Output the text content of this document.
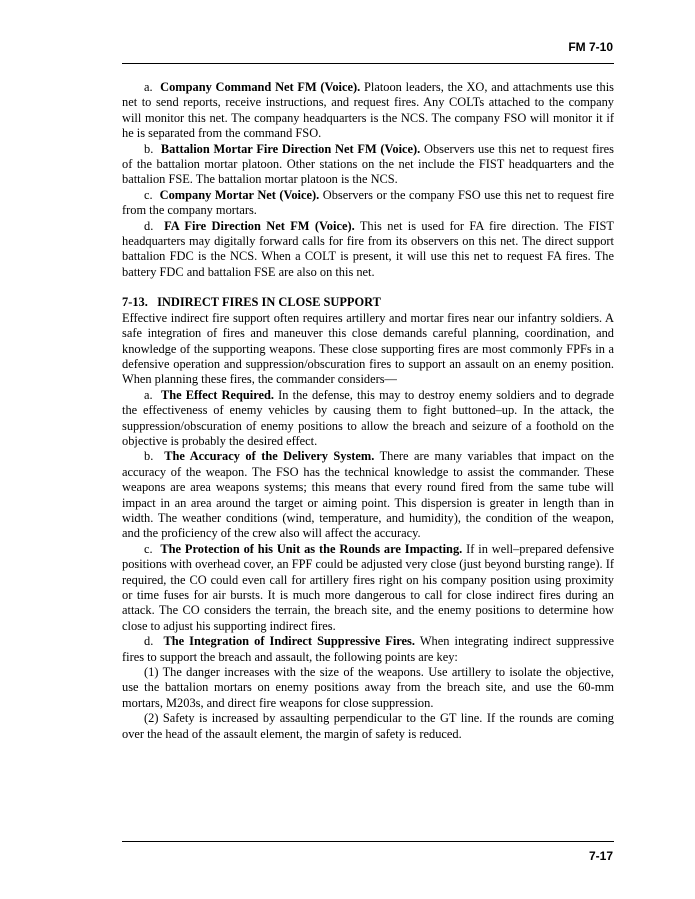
FM 7-10

a. Company Command Net FM (Voice). Platoon leaders, the XO, and attachments use this net to send reports, receive instructions, and request fires. Any COLTs attached to the company will monitor this net. The company headquarters is the NCS. The company FSO will monitor it if he is separated from the command FSO.

b. Battalion Mortar Fire Direction Net FM (Voice). Observers use this net to request fires of the battalion mortar platoon. Other stations on the net include the FIST headquarters and the battalion FSE. The battalion mortar platoon is the NCS.

c. Company Mortar Net (Voice). Observers or the company FSO use this net to request fire from the company mortars.

d. FA Fire Direction Net FM (Voice). This net is used for FA fire direction. The FIST headquarters may digitally forward calls for fire from its observers on this net. The direct support battalion FDC is the NCS. When a COLT is present, it will use this net to request FA fires. The battery FDC and battalion FSE are also on this net.

7-13.   INDIRECT FIRES IN CLOSE SUPPORT

Effective indirect fire support often requires artillery and mortar fires near our infantry soldiers. A safe integration of fires and maneuver this close demands careful planning, coordination, and knowledge of the supporting weapons. These close supporting fires are most commonly FPFs in a defensive operation and suppression/obscuration fires to support an assault on an enemy position. When planning these fires, the commander considers—

a. The Effect Required. In the defense, this may to destroy enemy soldiers and to degrade the effectiveness of enemy vehicles by causing them to fight buttoned–up. In the attack, the suppression/obscuration of enemy positions to allow the breach and seizure of a foothold on the objective is probably the desired effect.

b. The Accuracy of the Delivery System. There are many variables that impact on the accuracy of the weapon. The FSO has the technical knowledge to assist the commander. These weapons are area weapons systems; this means that every round fired from the same tube will impact in an area around the target or aiming point. This dispersion is greater in length than in width. The weather conditions (wind, temperature, and humidity), the condition of the weapon, and the proficiency of the crew also will affect the accuracy.

c. The Protection of his Unit as the Rounds are Impacting. If in well–prepared defensive positions with overhead cover, an FPF could be adjusted very close (just beyond bursting range). If required, the CO could even call for artillery fires right on his company position using proximity or time fuses for air bursts. It is much more dangerous to call for close indirect fires during an attack. The CO considers the terrain, the breach site, and the enemy positions to determine how close to adjust his supporting indirect fires.

d. The Integration of Indirect Suppressive Fires. When integrating indirect suppressive fires to support the breach and assault, the following points are key:

(1) The danger increases with the size of the weapons. Use artillery to isolate the objective, use the battalion mortars on enemy positions away from the breach site, and use the 60-mm mortars, M203s, and direct fire weapons for close suppression.

(2) Safety is increased by assaulting perpendicular to the GT line. If the rounds are coming over the head of the assault element, the margin of safety is reduced.

7-17
